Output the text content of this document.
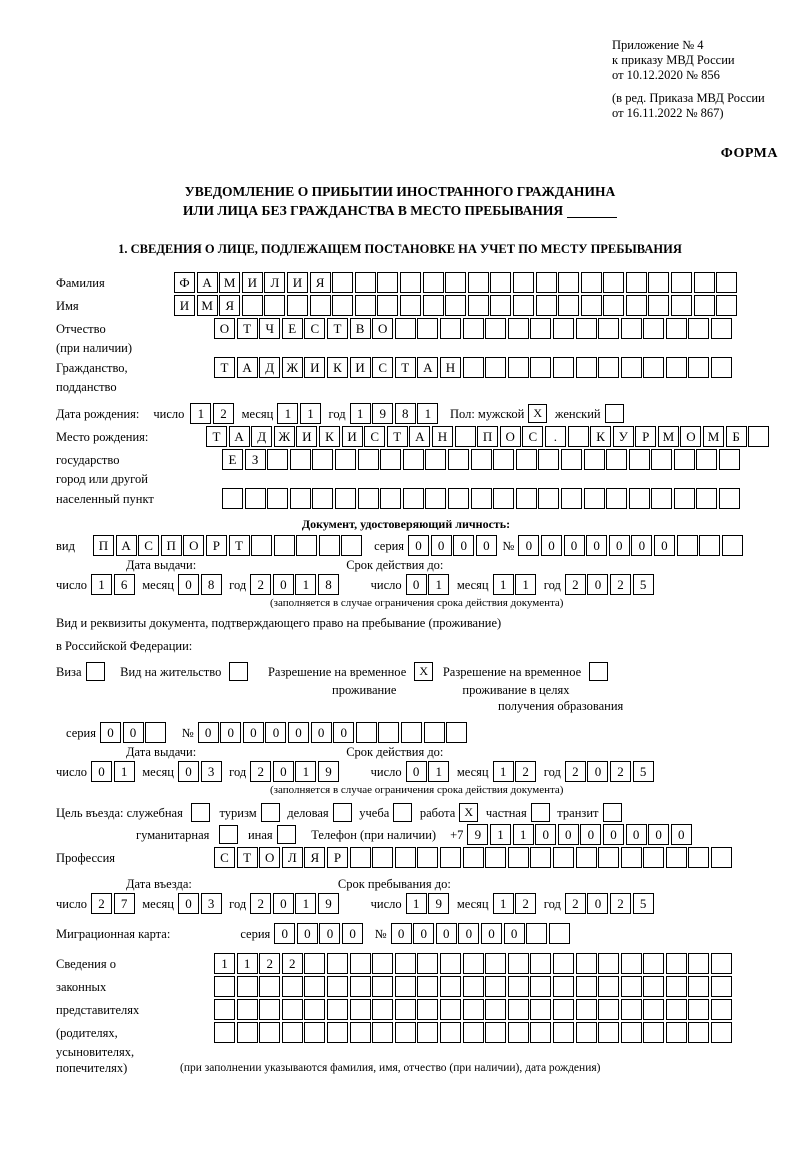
Приложение № 4
к приказу МВД России
от 10.12.2020 № 856
(в ред. Приказа МВД России
от 16.11.2022 № 867)
ФОРМА
УВЕДОМЛЕНИЕ О ПРИБЫТИИ ИНОСТРАННОГО ГРАЖДАНИНА
ИЛИ ЛИЦА БЕЗ ГРАЖДАНСТВА В МЕСТО ПРЕБЫВАНИЯ
1. СВЕДЕНИЯ О ЛИЦЕ, ПОДЛЕЖАЩЕМ ПОСТАНОВКЕ НА УЧЕТ ПО МЕСТУ ПРЕБЫВАНИЯ
Фамилия	Ф А М И	Л	И	Я
Имя	И М Я
Отчество	О	Т	Ч	Е	С	Т	В	О
(при наличии)
Гражданство,	Т	А	Д Ж И	К	И	С	Т	А	Н
подданство
Дата рождения: число	1	2	месяц 1	1	год 1	9	8	1	Пол: мужской X	женский
Место рождения:	Т	А	Д Ж И	К	И	С	Т	А	Н	П	О	С	.	К	У	Р	М О М	Б
государство	Е	З
город или другой
населенный пункт
Документ, удостоверяющий личность:
вид	П	А	С	П	О	Р	Т	серия 0	0	0	0	№ 0	0	0	0	0	0	0
Дата выдачи:	Срок действия до:
число 1	6	месяц 0	8	год 2	0	1	8	число 0	1	месяц 1	1	год 2	0	2	5
(заполняется в случае ограничения срока действия документа)
Вид и реквизиты документа, подтверждающего право на пребывание (проживание)
в Российской Федерации:
Виза	Вид на жительство	Разрешение на временное	X	Разрешение на временное
проживание	проживание в целях
получения образования
серия 0	0	№ 0	0	0	0	0	0	0
Дата выдачи:	Срок действия до:
число 0	1	месяц 0	3	год 2	0	1	9	число 0	1	месяц 1	2	год 2	0	2	5
(заполняется в случае ограничения срока действия документа)
Цель въезда: служебная	туризм деловая учеба работа X	частная транзит
гуманитарная	иная	Телефон (при наличии) +7 9	1	1	0	0	0	0	0	0	0
Профессия	С	Т	О	Л	Я	Р
Дата въезда:	Срок пребывания до:
число 2	7	месяц 0	3	год 2	0	1	9	число 1	9	месяц 1	2	год 2	0	2	5
Миграционная карта:	серия 0	0	0	0	№ 0	0	0	0	0	0
Сведения о	1	1	2	2
законных
представителях
(родителях,
усыновителях,
попечителях)	(при заполнении указываются фамилия, имя, отчество (при наличии), дата рождения)
